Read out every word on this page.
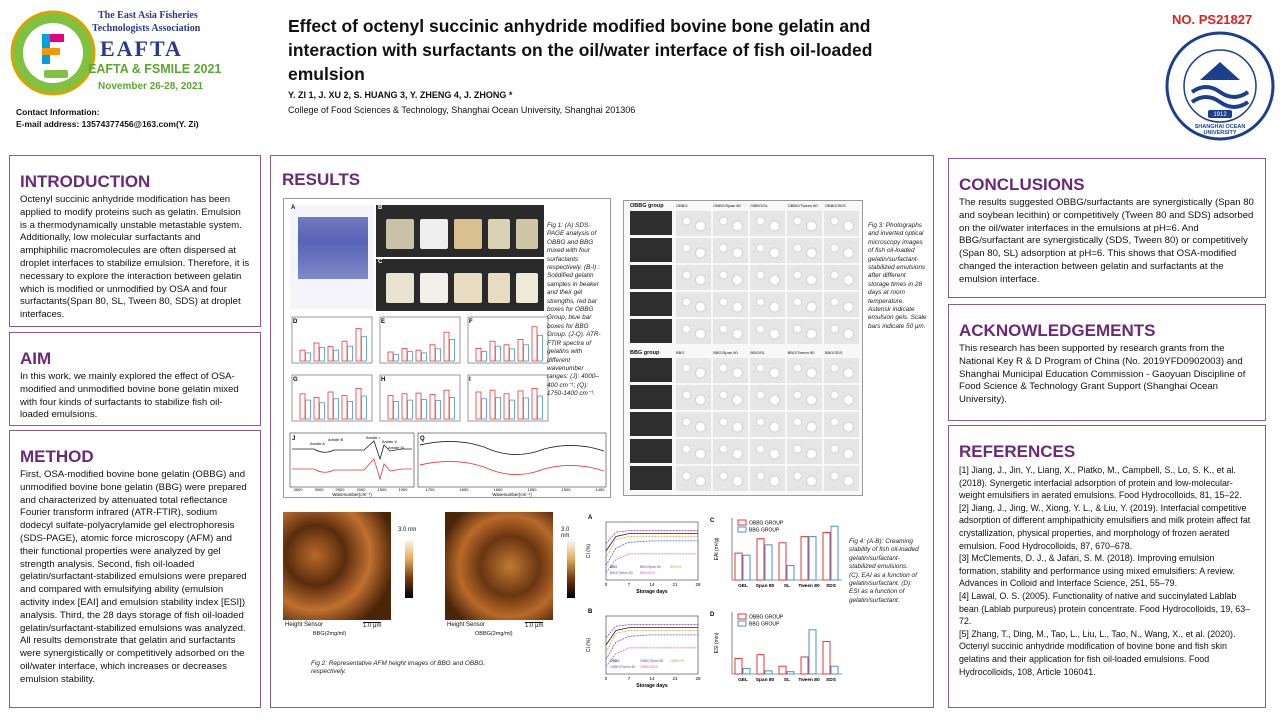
The East Asia Fisheries
Technologists Association
EAFTA
EAFTA & FSMILE 2021
November 26-28, 2021
Contact Information:
E-mail address: 13574377456@163.com(Y. Zi)
Effect of octenyl succinic anhydride modified bovine bone gelatin and interaction with surfactants on the oil/water interface of fish oil-loaded emulsion
Y. ZI 1, J. XU 2, S. HUANG 3, Y. ZHENG 4, J. ZHONG *
College of Food Sciences & Technology, Shanghai Ocean University, Shanghai 201306
NO. PS21827
1912
SHANGHAI OCEAN UNIVERSITY
INTRODUCTION
Octenyl succinic anhydride modification has been applied to modify proteins such as gelatin. Emulsion is a thermodynamically unstable metastable system. Additionally, low molecular surfactants and amphiphilic macromolecules are often dispersed at droplet interfaces to stabilize emulsion. Therefore, it is necessary to explore the interaction between gelatin which is modified or unmodified by OSA and four surfactants(Span 80, SL, Tween 80, SDS) at droplet interfaces.
AIM
In this work, we mainly explored the effect of OSA-modified and unmodified bovine bone gelatin mixed with four kinds of surfactants to stabilize fish oil-loaded emulsions.
METHOD
First, OSA-modified bovine bone gelatin (OBBG) and unmodified bovine bone gelatin (BBG) were prepared and characterized by attenuated total reflectance Fourier transform infrared (ATR-FTIR), sodium dodecyl sulfate-polyacrylamide gel electrophoresis (SDS-PAGE), atomic force microscopy (AFM) and their functional properties were analyzed by gel strength analysis. Second, fish oil-loaded gelatin/surfactant-stabilized emulsions were prepared and compared with emulsifying ability (emulsion activity index [EAI] and emulsion stability index [ESI]) analysis. Third, the 28 days storage of fish oil-loaded gelatin/surfactant-stabilized emulsions was analyzed. All results demonstrate that gelatin and surfactants were synergistically or competitively adsorbed on the oil/water interface, which increases or decreases emulsion stability.
RESULTS
A	B
C
D	E	F
G	H	I
J	Q
Amide A
Amide B	Amide I
Amide II
Amide III
3500	3000	2500	2000	1500	1000	1700	1650	1600	1550	1500	1450
Wavenumber(cm⁻¹)	Wavenumber(cm⁻¹)
Fig 1: (A) SDS-PAGE analysis of OBBG and BBG mixed with four surfactants respectively. (B-I) : Solidified gelatin samples in beaker and their gel strengths, red bar boxes for OBBG Group, blue bar boxes for BBG Group. (J-Q): ATR-FTIR spectra of gelatins with different wavenumber ranges: (J): 4000–400 cm⁻¹; (Q): 1750-1400 cm⁻¹.
OBBG group
BBG group
OBBG	OBBG/Span 80	OBBG/SL	OBBG/Tween 80	OBBG/SDS
BBG	BBG/Span 80	BBG/SL	BBG/Tween 80	BBG/SDS
Fig 3: Photographs and inverted optical microscopy images of fish oil-loaded gelatin/surfactant-stabilized emulsions after different storage times in 28 days at room temperature. Asterisk indicate emulsion gels. Scale bars indicate 50 μm.
3.0 nm	3.0 nm
Height Sensor	1.0 μm
BBG(2mg/ml)
Height Sensor	1.0 μm
OBBG(2mg/ml)
Fig 2: Representative AFM height images of BBG and OBBG, respectively.
A
CI (%)
0	7	14	21	28
Storage days
BBG	BBG/Span 80	BBG/SL
BBG/Tween 80 BBG/SDS
B
CI (%)
0	7	14	21	28
Storage days
OBBG	OBBG/Span 80 OBBG/SL
OBBG/Tween 80 OBBG/SDS
C
EAI (m²/g)
GEL Span 80 SL Tween 80 SDS
OBBG GROUP
BBG GROUP
D
ESI (min)
GEL Span 80 SL Tween 80 SDS
OBBG GROUP
BBG GROUP
Fig 4: (A-B): Creaming stability of fish oil-loaded gelatin/surfactant-stabilized emulsions. (C): EAI as a function of gelatin/surfactant. (D): ESI as a function of gelatin/surfactant.
CONCLUSIONS
The results suggested OBBG/surfactants are synergistically (Span 80 and soybean lecithin) or competitively (Tween 80 and SDS) adsorbed on the oil/water interfaces in the emulsions at pH=6. And BBG/surfactant are synergistically (SDS, Tween 80) or competitively (Span 80, SL) adsorption at pH=6. This shows that OSA-modified changed the interaction between gelatin and surfactants at the emulsion interface.
ACKNOWLEDGEMENTS
This research has been supported by research grants from the National Key R & D Program of China (No. 2019YFD0902003) and Shanghai Municipal Education Commission - Gaoyuan Discipline of Food Science & Technology Grant Support (Shanghai Ocean University).
REFERENCES
[1] Jiang, J., Jin, Y., Liang, X., Piatko, M., Campbell, S., Lo, S. K., et al. (2018). Synergetic interfacial adsorption of protein and low-molecular-weight emulsifiers in aerated emulsions. Food Hydrocolloids, 81, 15–22.
[2] Jiang, J., Jing, W., Xiong, Y. L., & Liu, Y. (2019). Interfacial competitive adsorption of different amphipathicity emulsifiers and milk protein affect fat crystallization, physical properties, and morphology of frozen aerated emulsion. Food Hydrocolloids, 87, 670–678.
[3] McClements, D. J., & Jafari, S. M. (2018). Improving emulsion formation, stability and performance using mixed emulsifiers: A review. Advances in Colloid and Interface Science, 251, 55–79.
[4] Lawal, O. S. (2005). Functionality of native and succinylated Lablab bean (Lablab purpureus) protein concentrate. Food Hydrocolloids, 19, 63–72.
[5] Zhang, T., Ding, M., Tao, L., Liu, L., Tao, N., Wang, X., et al. (2020). Octenyl succinic anhydride modification of bovine bone and fish skin gelatins and their application for fish oil-loaded emulsions. Food Hydrocolloids, 108, Article 106041.
